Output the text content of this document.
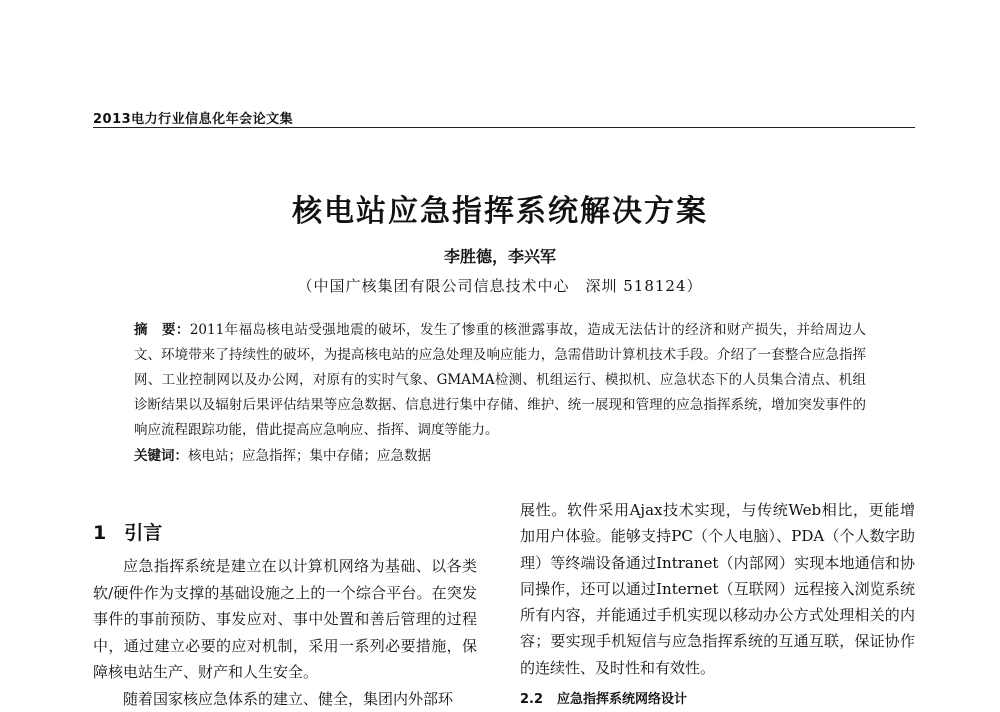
2013电力行业信息化年会论文集
核电站应急指挥系统解决方案
李胜德，李兴军
（中国广核集团有限公司信息技术中心　深圳 518124）
摘　要：2011年福岛核电站受强地震的破坏，发生了惨重的核泄露事故，造成无法估计的经济和财产损失，并给周边人文、环境带来了持续性的破坏，为提高核电站的应急处理及响应能力，急需借助计算机技术手段。介绍了一套整合应急指挥网、工业控制网以及办公网，对原有的实时气象、GMAMA检测、机组运行、模拟机、应急状态下的人员集合清点、机组诊断结果以及辐射后果评估结果等应急数据、信息进行集中存储、维护、统一展现和管理的应急指挥系统，增加突发事件的响应流程跟踪功能，借此提高应急响应、指挥、调度等能力。
关键词：核电站；应急指挥；集中存储；应急数据
1 引言

应急指挥系统是建立在以计算机网络为基础、以各类软/硬件作为支撑的基础设施之上的一个综合平台。在突发事件的事前预防、事发应对、事中处置和善后管理的过程中，通过建立必要的应对机制，采用一系列必要措施，保障核电站生产、财产和人生安全。

随着国家核应急体系的建立、健全，集团内外部环

展性。软件采用Ajax技术实现，与传统Web相比，更能增加用户体验。能够支持PC（个人电脑）、PDA（个人数字助理）等终端设备通过Intranet（内部网）实现本地通信和协同操作，还可以通过Internet（互联网）远程接入浏览系统所有内容，并能通过手机实现以移动办公方式处理相关的内容；要实现手机短信与应急指挥系统的互通互联，保证协作的连续性、及时性和有效性。

2.2 应急指挥系统网络设计
